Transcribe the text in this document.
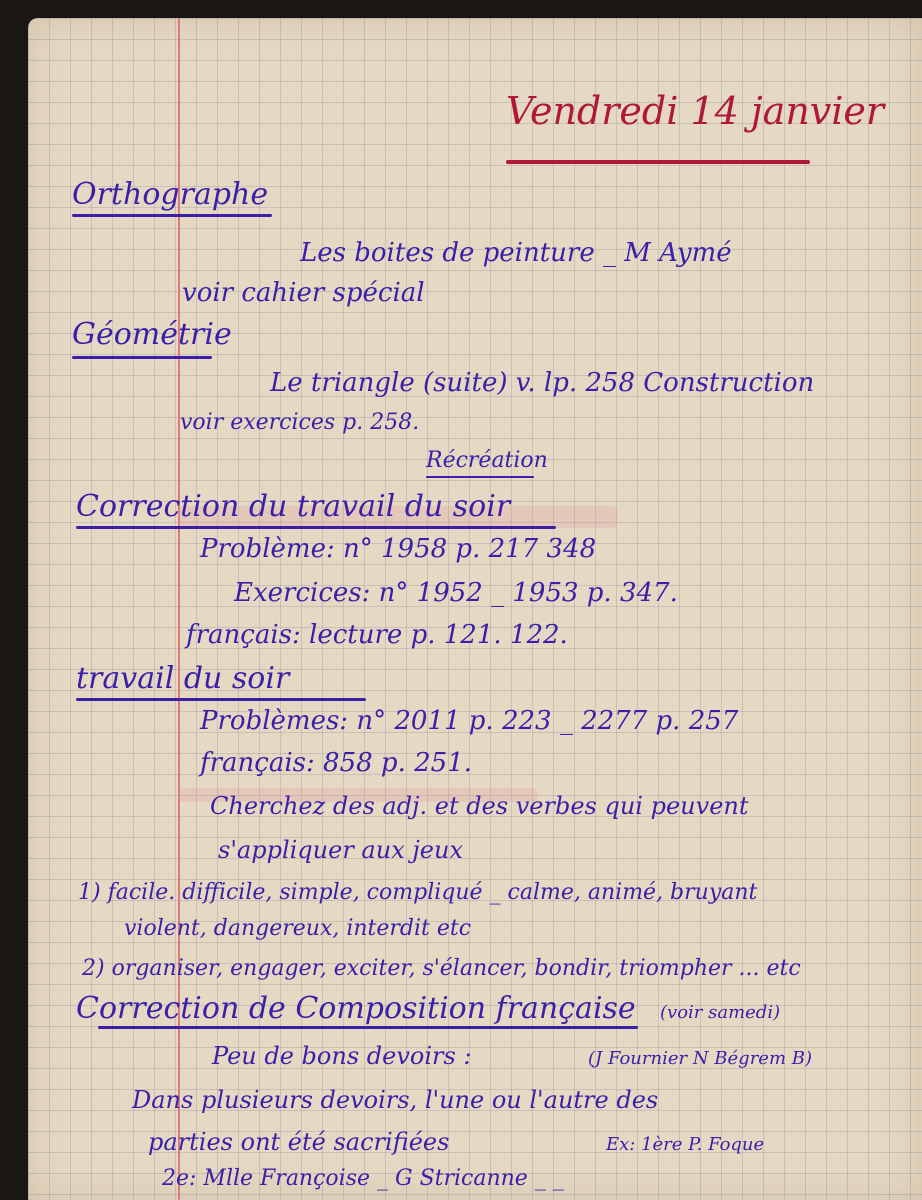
Vendredi 14 janvier
Orthographe
Les boites de peinture _ M Aymé
voir cahier spécial
Géométrie
Le triangle (suite) v. lp. 258 Construction
voir exercices p. 258.
Récréation
Correction du travail du soir
Problème: n° 1958 p. 217 348
Exercices: n° 1952 _ 1953 p. 347.
français: lecture p. 121. 122.
travail du soir
Problèmes: n° 2011 p. 223 _ 2277 p. 257
français: 858 p. 251.
Cherchez des adj. et des verbes qui peuvent
s'appliquer aux jeux
1) facile. difficile, simple, compliqué _ calme, animé, bruyant
violent, dangereux, interdit etc
2) organiser, engager, exciter, s'élancer, bondir, triompher ... etc
Correction de Composition française (voir samedi)
Peu de bons devoirs :	(J Fournier N Bégrem B)
Dans plusieurs devoirs, l'une ou l'autre des
parties ont été sacrifiées	Ex: 1ère P. Foque
2e: Mlle Françoise _ G Stricanne _ _
